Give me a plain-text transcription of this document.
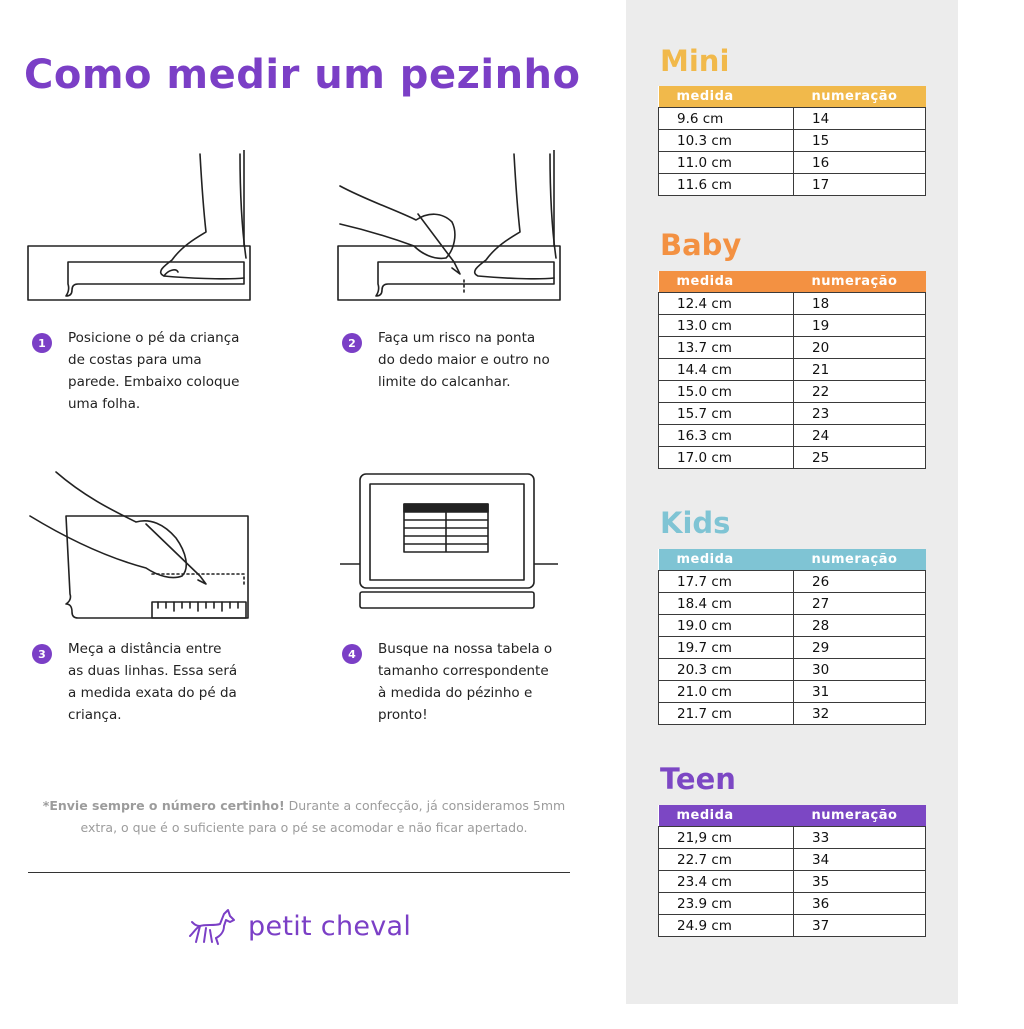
Como medir um pezinho
1	Posicione o pé da criança
de costas para uma
parede. Embaixo coloque
uma folha.
2	Faça um risco na ponta
do dedo maior e outro no
limite do calcanhar.
3	Meça a distância entre
as duas linhas. Essa será
a medida exata do pé da
criança.
4	Busque na nossa tabela o
tamanho correspondente
à medida do pézinho e
pronto!
*Envie sempre o número certinho! Durante a confecção, já consideramos 5mm extra, o que é o suficiente para o pé se acomodar e não ficar apertado.
petit cheval
Mini
medida	numeração
9.6 cm	14
10.3 cm	15
11.0 cm	16
11.6 cm	17
Baby
medida	numeração
12.4 cm	18
13.0 cm	19
13.7 cm	20
14.4 cm	21
15.0 cm	22
15.7 cm	23
16.3 cm	24
17.0 cm	25
Kids
medida	numeração
17.7 cm	26
18.4 cm	27
19.0 cm	28
19.7 cm	29
20.3 cm	30
21.0 cm	31
21.7 cm	32
Teen
medida	numeração
21,9 cm	33
22.7 cm	34
23.4 cm	35
23.9 cm	36
24.9 cm	37
